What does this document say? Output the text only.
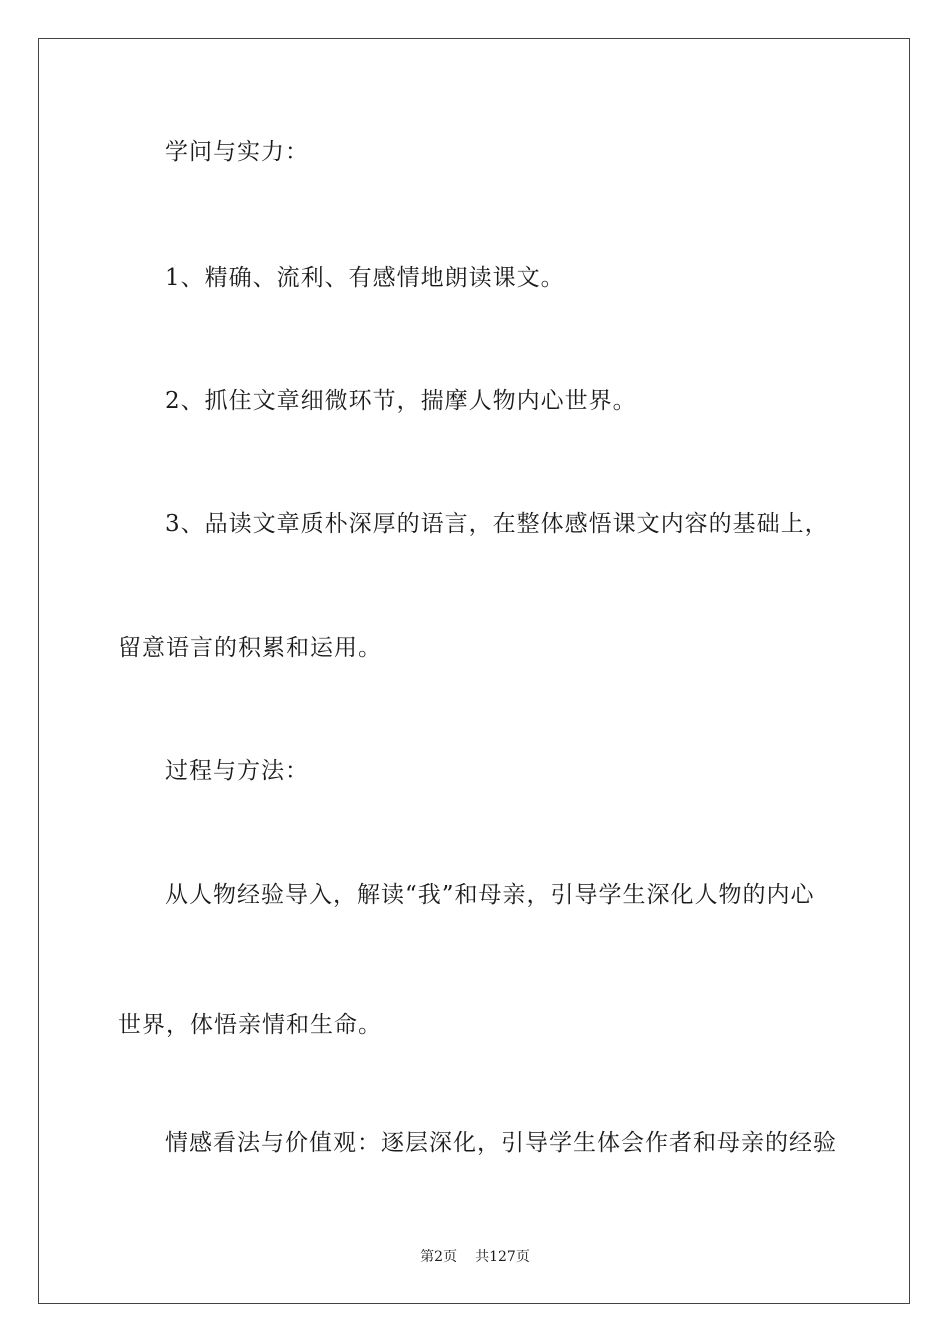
学问与实力：
1、精确、流利、有感情地朗读课文。
2、抓住文章细微环节，揣摩人物内心世界。
3、品读文章质朴深厚的语言，在整体感悟课文内容的基础上，
留意语言的积累和运用。
过程与方法：
从人物经验导入，解读“我”和母亲，引导学生深化人物的内心
世界，体悟亲情和生命。
情感看法与价值观：逐层深化，引导学生体会作者和母亲的经验
第2页 共127页
